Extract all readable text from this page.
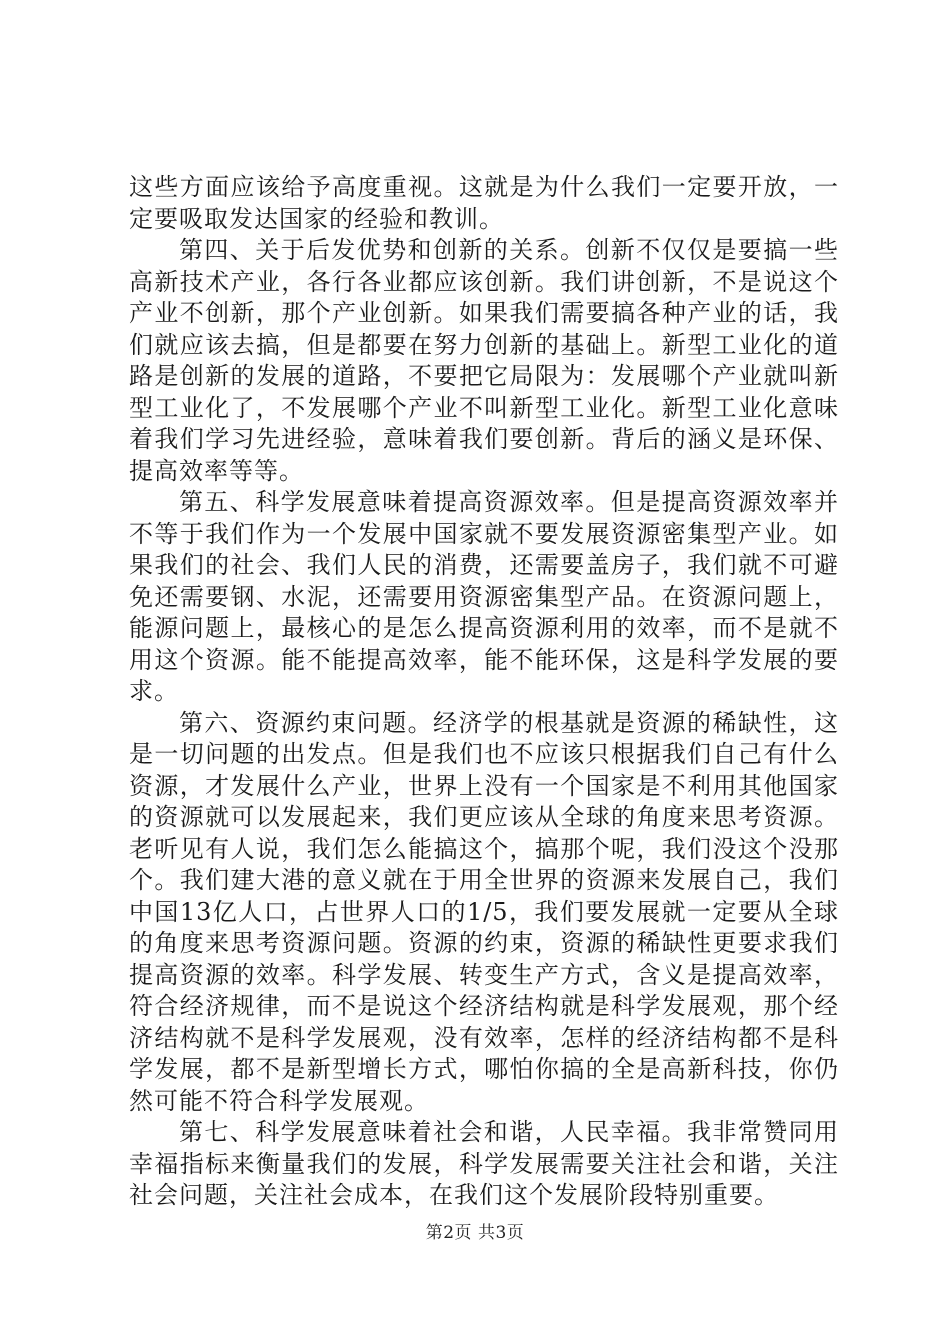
这些方面应该给予高度重视。这就是为什么我们一定要开放，一定要吸取发达国家的经验和教训。

第四、关于后发优势和创新的关系。创新不仅仅是要搞一些高新技术产业，各行各业都应该创新。我们讲创新，不是说这个产业不创新，那个产业创新。如果我们需要搞各种产业的话，我们就应该去搞，但是都要在努力创新的基础上。新型工业化的道路是创新的发展的道路，不要把它局限为：发展哪个产业就叫新型工业化了，不发展哪个产业不叫新型工业化。新型工业化意味着我们学习先进经验，意味着我们要创新。背后的涵义是环保、提高效率等等。

第五、科学发展意味着提高资源效率。但是提高资源效率并不等于我们作为一个发展中国家就不要发展资源密集型产业。如果我们的社会、我们人民的消费，还需要盖房子，我们就不可避免还需要钢、水泥，还需要用资源密集型产品。在资源问题上，能源问题上，最核心的是怎么提高资源利用的效率，而不是就不用这个资源。能不能提高效率，能不能环保，这是科学发展的要求。

第六、资源约束问题。经济学的根基就是资源的稀缺性，这是一切问题的出发点。但是我们也不应该只根据我们自己有什么资源，才发展什么产业，世界上没有一个国家是不利用其他国家的资源就可以发展起来，我们更应该从全球的角度来思考资源。老听见有人说，我们怎么能搞这个，搞那个呢，我们没这个没那个。我们建大港的意义就在于用全世界的资源来发展自己，我们中国13亿人口，占世界人口的1/5，我们要发展就一定要从全球的角度来思考资源问题。资源的约束，资源的稀缺性更要求我们提高资源的效率。科学发展、转变生产方式，含义是提高效率，符合经济规律，而不是说这个经济结构就是科学发展观，那个经济结构就不是科学发展观，没有效率，怎样的经济结构都不是科学发展，都不是新型增长方式，哪怕你搞的全是高新科技，你仍然可能不符合科学发展观。

第七、科学发展意味着社会和谐，人民幸福。我非常赞同用幸福指标来衡量我们的发展，科学发展需要关注社会和谐，关注社会问题，关注社会成本，在我们这个发展阶段特别重要。

第2页 共3页
